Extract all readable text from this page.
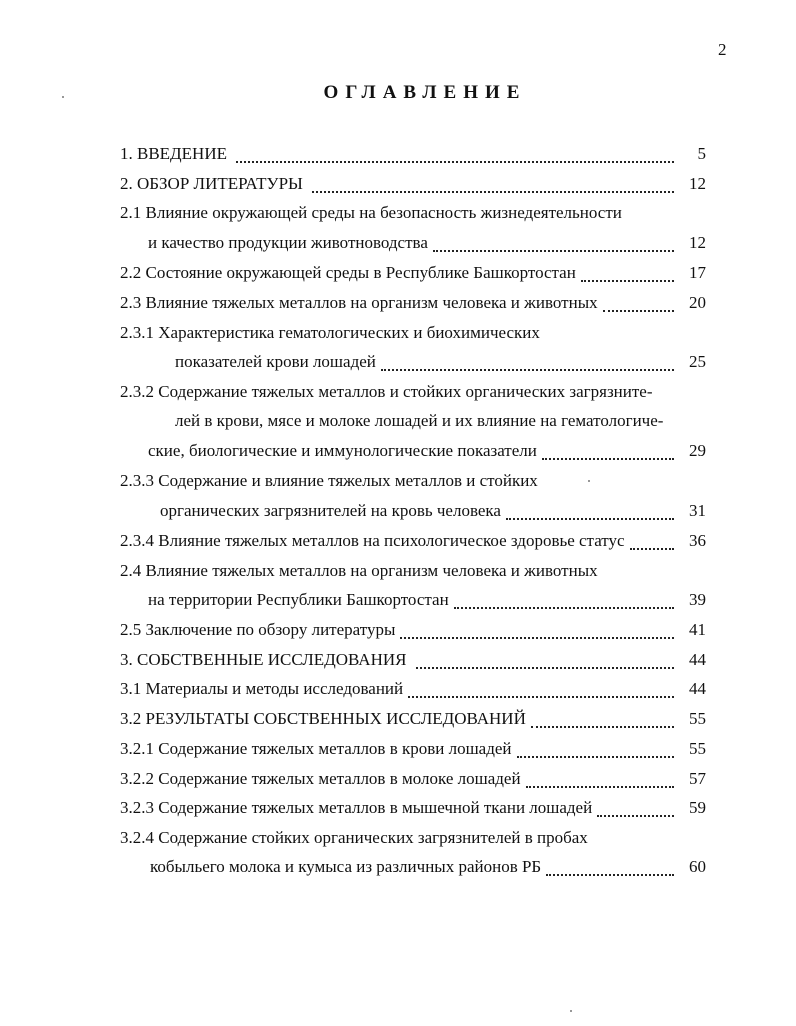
2
ОГЛАВЛЕНИЕ
1. ВВЕДЕНИЕ	5
2. ОБЗОР ЛИТЕРАТУРЫ	12
2.1 Влияние окружающей среды на безопасность жизнедеятельности
и качество продукции животноводства	12
2.2 Состояние окружающей среды в Республике Башкортостан	17
2.3 Влияние тяжелых металлов на организм человека и животных	20
2.3.1 Характеристика гематологических и биохимических
показателей крови лошадей	25
2.3.2 Содержание тяжелых металлов и стойких органических загрязните-
лей в крови, мясе и молоке лошадей и их влияние на гематологиче-
ские, биологические и иммунологические показатели	29
2.3.3 Содержание и влияние тяжелых металлов и стойких
органических загрязнителей на кровь человека	31
2.3.4 Влияние тяжелых металлов на психологическое здоровье статус	36
2.4 Влияние тяжелых металлов на организм человека и животных
на территории Республики Башкортостан	39
2.5 Заключение по обзору литературы	41
3. СОБСТВЕННЫЕ ИССЛЕДОВАНИЯ	44
3.1 Материалы и методы исследований	44
3.2 РЕЗУЛЬТАТЫ СОБСТВЕННЫХ ИССЛЕДОВАНИЙ	55
3.2.1 Содержание тяжелых металлов в крови лошадей	55
3.2.2 Содержание тяжелых металлов в молоке лошадей	57
3.2.3 Содержание тяжелых металлов в мышечной ткани лошадей	59
3.2.4 Содержание стойких органических загрязнителей в пробах
кобыльего молока и кумыса из различных районов РБ	60
